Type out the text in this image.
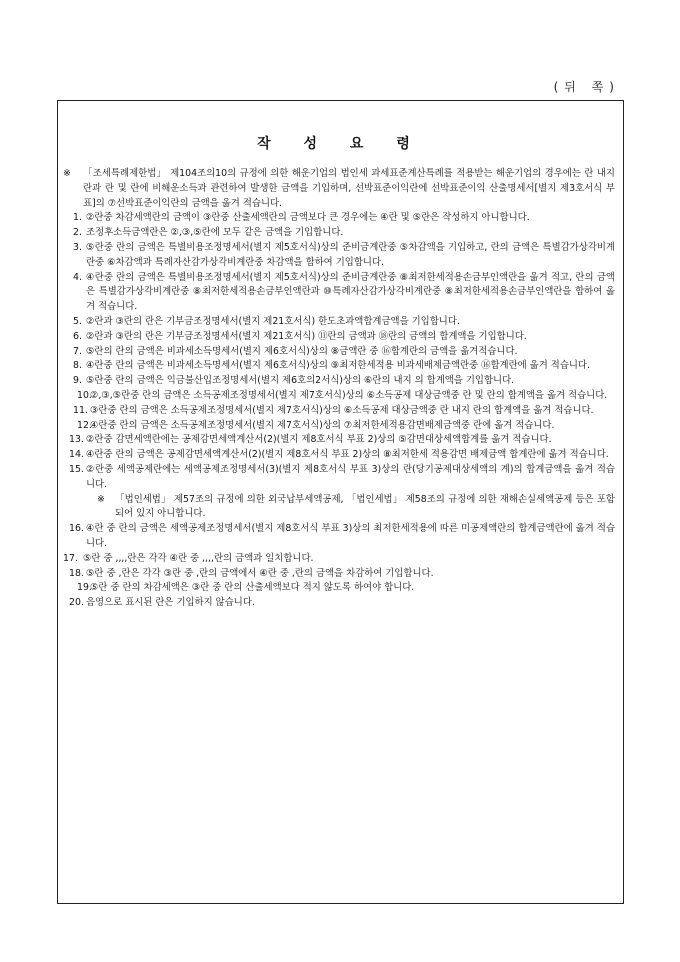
(뒤 쪽)
작 성 요 령
※	「조세특례제한법」 제104조의10의 규정에 의한 해운기업의 법인세 과세표준계산특례를 적용받는 해운기업의 경우에는 란 내지 란과 란 및 란에 비해운소득과 관련하여 발생한 금액을 기입하며, 선박표준이익란에 선박표준이익 산출명세서[별지 제3호서식 부표]의 ⑦선박표준이익란의 금액을 옮겨 적습니다.
1. ②란중 차감세액란의 금액이 ③란중 산출세액란의 금액보다 큰 경우에는 ④란 및 ⑤란은 작성하지 아니합니다.
2. 조정후소득금액란은 ②,③,⑤란에 모두 같은 금액을 기입합니다.
3. ⑤란중 란의 금액은 특별비용조정명세서(별지 제5호서식)상의 준비금계란중 ⑤차감액을 기입하고, 란의 금액은 특별감가상각비계란중 ⑥차감액과 특례자산감가상각비계란중 차감액을 합하여 기입합니다.
4. ④란중 란의 금액은 특별비용조정명세서(별지 제5호서식)상의 준비금계란중 ⑧최저한세적용손금부인액란을 옮겨 적고, 란의 금액은 특별감가상각비계란중 ⑧최저한세적용손금부인액란과 ⑩특례자산감가상각비계란중 ⑧최저한세적용손금부인액란을 합하여 옮겨 적습니다.
5. ②란과 ③란의 란은 기부금조정명세서(별지 제21호서식) 한도초과액합계금액을 기입합니다.
6. ②란과 ③란의 란은 기부금조정명세서(별지 제21호서식) ⑪란의 금액과 ⑱란의 금액의 합계액을 기입합니다.
7. ⑤란의 란의 금액은 비과세소득명세서(별지 제6호서식)상의 ⑧금액란 중 ⑯합계란의 금액을 옮겨적습니다.
8. ④란중 란의 금액은 비과세소득명세서(별지 제6호서식)상의 ⑨최저한세적용 비과세배제금액란중 ⑯합계란에 옮겨 적습니다.
9. ⑤란중 란의 금액은 익금불산입조정명세서(별지 제6호의2서식)상의 ⑥란의 내지 의 합계액을 기입합니다.
10.
②,③,⑤란중 란의 금액은 소득공제조정명세서(별지 제7호서식)상의 ⑥소득공제 대상금액중 란 및 란의 합계액을 옮겨 적습니다.
11. ③란중 란의 금액은 소득공제조정명세서(별지 제7호서식)상의 ⑥소득공제 대상금액중 란 내지 란의 합계액을 옮겨 적습니다.
12.
④란중 란의 금액은 소득공제조정명세서(별지 제7호서식)상의 ⑦최저한세적용감면배제금액중 란에 옮겨 적습니다.
13. ②란중 감면세액란에는 공제감면세액계산서(2)(별지 제8호서식 부표 2)상의 ⑤감면대상세액합계를 옮겨 적습니다.
14. ④란중 란의 금액은 공제감면세액계산서(2)(별지 제8호서식 부표 2)상의 ⑧최저한세 적용감면 배제금액 합계란에 옮겨 적습니다.
15. ②란중 세액공제란에는 세액공제조정명세서(3)(별지 제8호서식 부표 3)상의 란(당기공제대상세액의 계)의 합계금액을 옮겨 적습니다.
※	「법인세법」 제57조의 규정에 의한 외국납부세액공제, 「법인세법」 제58조의 규정에 의한 재해손실세액공제 등은 포함되어 있지 아니합니다.
16. ④란 중 란의 금액은 세액공제조정명세서(별지 제8호서식 부표 3)상의 최저한세적용에 따른 미공제액란의 합계금액란에 옮겨 적습니다.
17. ⑤란 중 ,,,,란은 각각 ④란 중 ,,,,란의 금액과 일치합니다.
18. ⑤란 중 ,란은 각각 ③란 중 ,란의 금액에서 ④란 중 ,란의 금액을 차감하여 기입합니다.
19.
⑤란 중 란의 차감세액은 ③란 중 란의 산출세액보다 적지 않도록 하여야 합니다.
20. 음영으로 표시된 란은 기입하지 않습니다.
